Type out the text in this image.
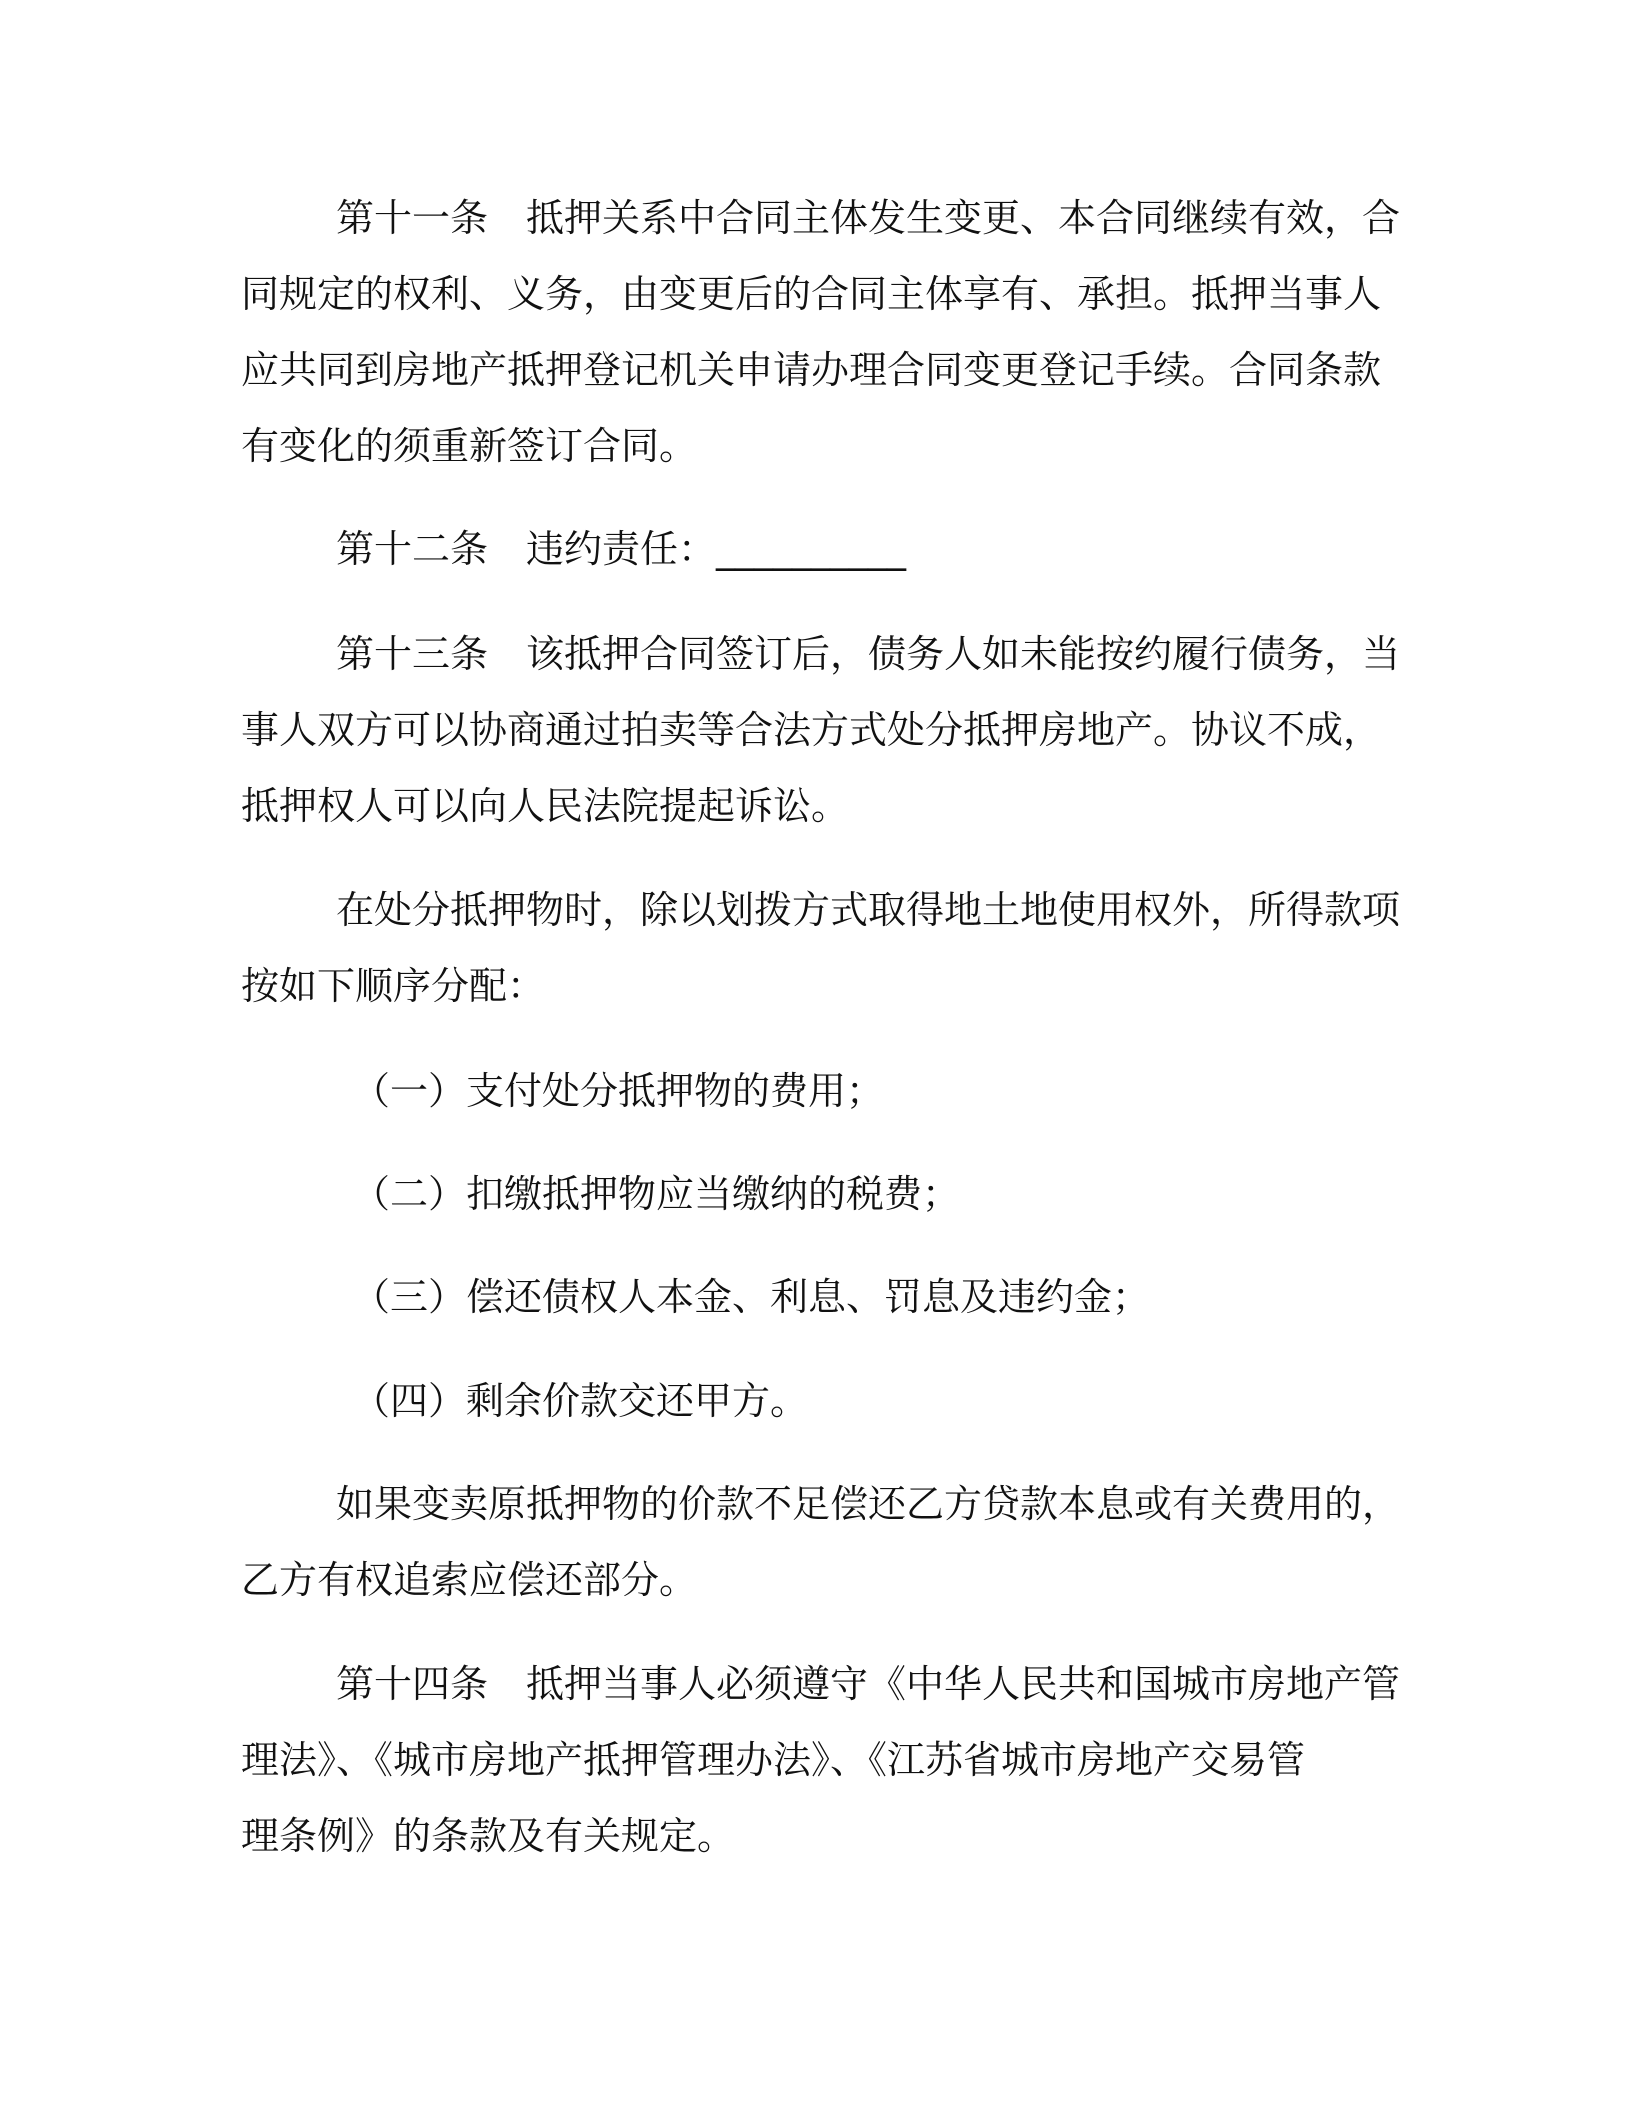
第十一条 抵押关系中合同主体发生变更、本合同继续有效，合
同规定的权利、义务，由变更后的合同主体享有、承担。抵押当事人
应共同到房地产抵押登记机关申请办理合同变更登记手续。合同条款
有变化的须重新签订合同。
第十二条 违约责任：__________
第十三条 该抵押合同签订后，债务人如未能按约履行债务，当
事人双方可以协商通过拍卖等合法方式处分抵押房地产。协议不成，
抵押权人可以向人民法院提起诉讼。
在处分抵押物时，除以划拨方式取得地土地使用权外，所得款项
按如下顺序分配：
（一）支付处分抵押物的费用；
（二）扣缴抵押物应当缴纳的税费；
（三）偿还债权人本金、利息、罚息及违约金；
（四）剩余价款交还甲方。
如果变卖原抵押物的价款不足偿还乙方贷款本息或有关费用的，
乙方有权追索应偿还部分。
第十四条 抵押当事人必须遵守《中华人民共和国城市房地产管
理法》、《城市房地产抵押管理办法》、《江苏省城市房地产交易管
理条例》的条款及有关规定。
